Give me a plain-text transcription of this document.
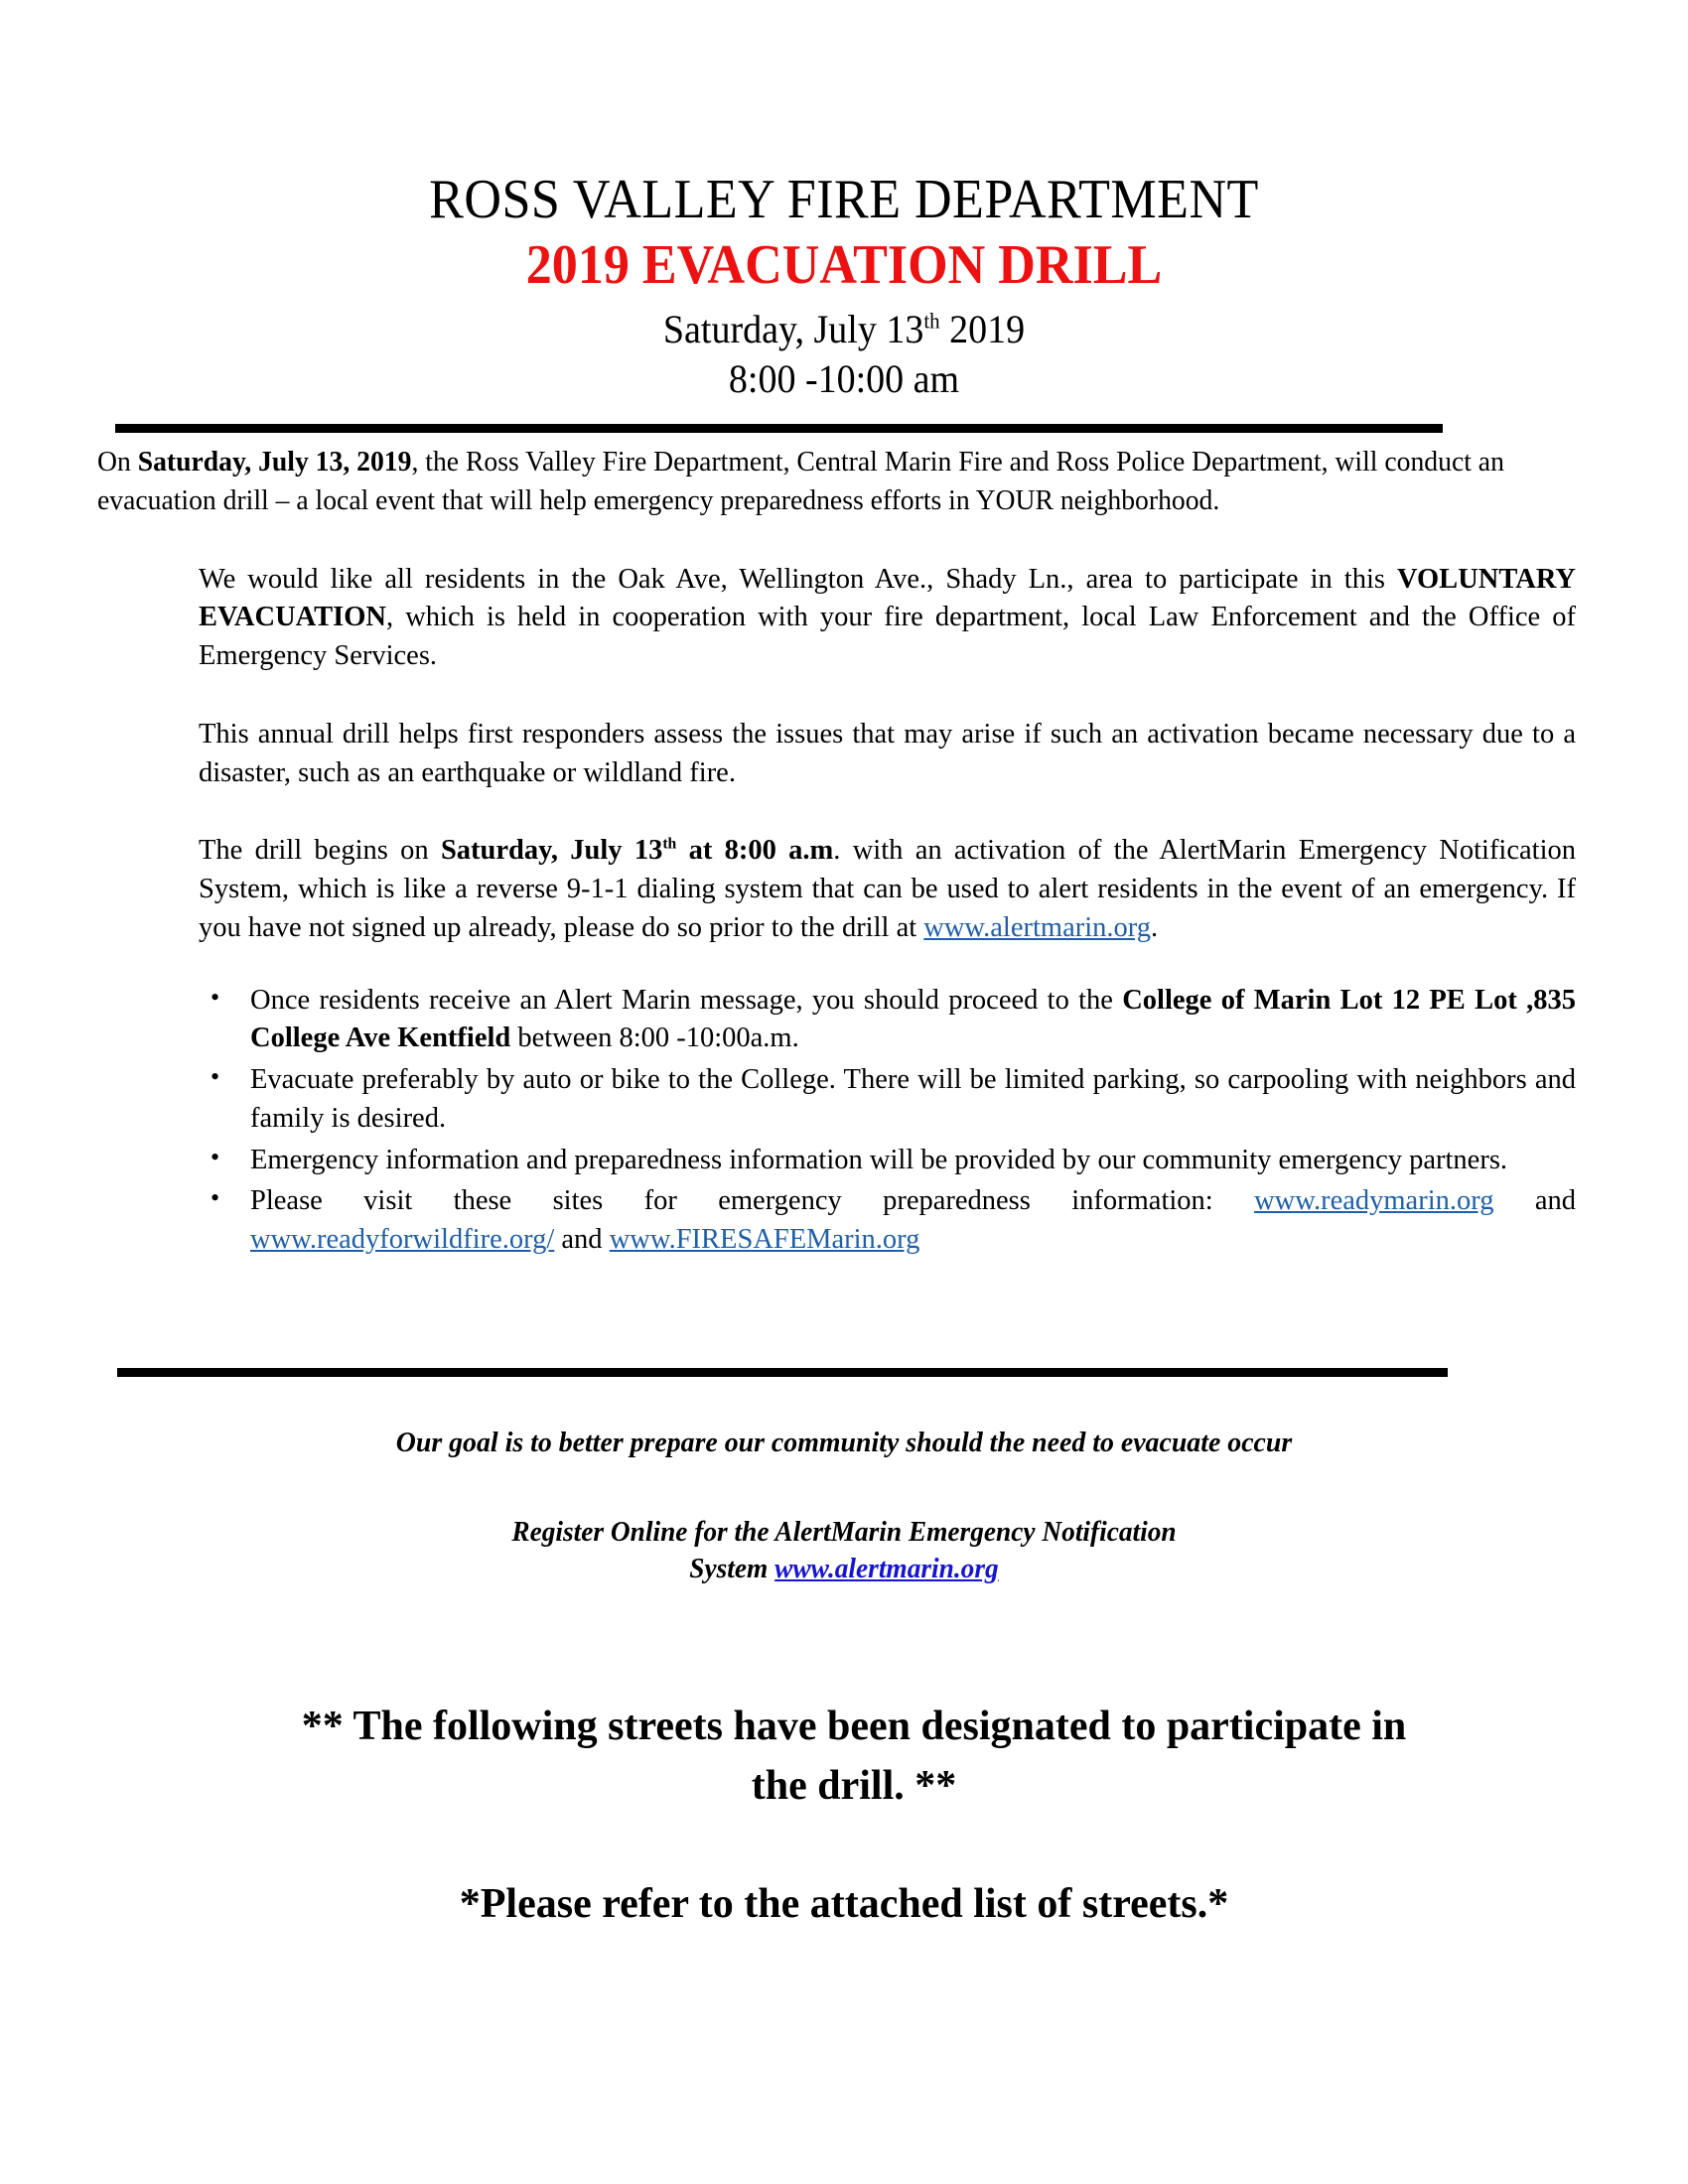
ROSS VALLEY FIRE DEPARTMENT
2019 EVACUATION DRILL
Saturday, July 13th 2019
8:00 -10:00 am

On Saturday, July 13, 2019, the Ross Valley Fire Department, Central Marin Fire and Ross Police Department, will conduct an evacuation drill – a local event that will help emergency preparedness efforts in YOUR neighborhood.

We would like all residents in the Oak Ave, Wellington Ave., Shady Ln., area to participate in this VOLUNTARY EVACUATION, which is held in cooperation with your fire department, local Law Enforcement and the Office of Emergency Services.

This annual drill helps first responders assess the issues that may arise if such an activation became necessary due to a disaster, such as an earthquake or wildland fire.

The drill begins on Saturday, July 13th at 8:00 a.m. with an activation of the AlertMarin Emergency Notification System, which is like a reverse 9-1-1 dialing system that can be used to alert residents in the event of an emergency. If you have not signed up already, please do so prior to the drill at www.alertmarin.org.

• Once residents receive an Alert Marin message, you should proceed to the College of Marin Lot 12 PE Lot ,835 College Ave Kentfield between 8:00 -10:00a.m.
• Evacuate preferably by auto or bike to the College. There will be limited parking, so carpooling with neighbors and family is desired.
• Emergency information and preparedness information will be provided by our community emergency partners.
• Please visit these sites for emergency preparedness information: www.readymarin.org and www.readyforwildfire.org/ and www.FIRESAFEMarin.org
Our goal is to better prepare our community should the need to evacuate occur
Register Online for the AlertMarin Emergency Notification
System www.alertmarin.org
** The following streets have been designated to participate in the drill. **
*Please refer to the attached list of streets.*
